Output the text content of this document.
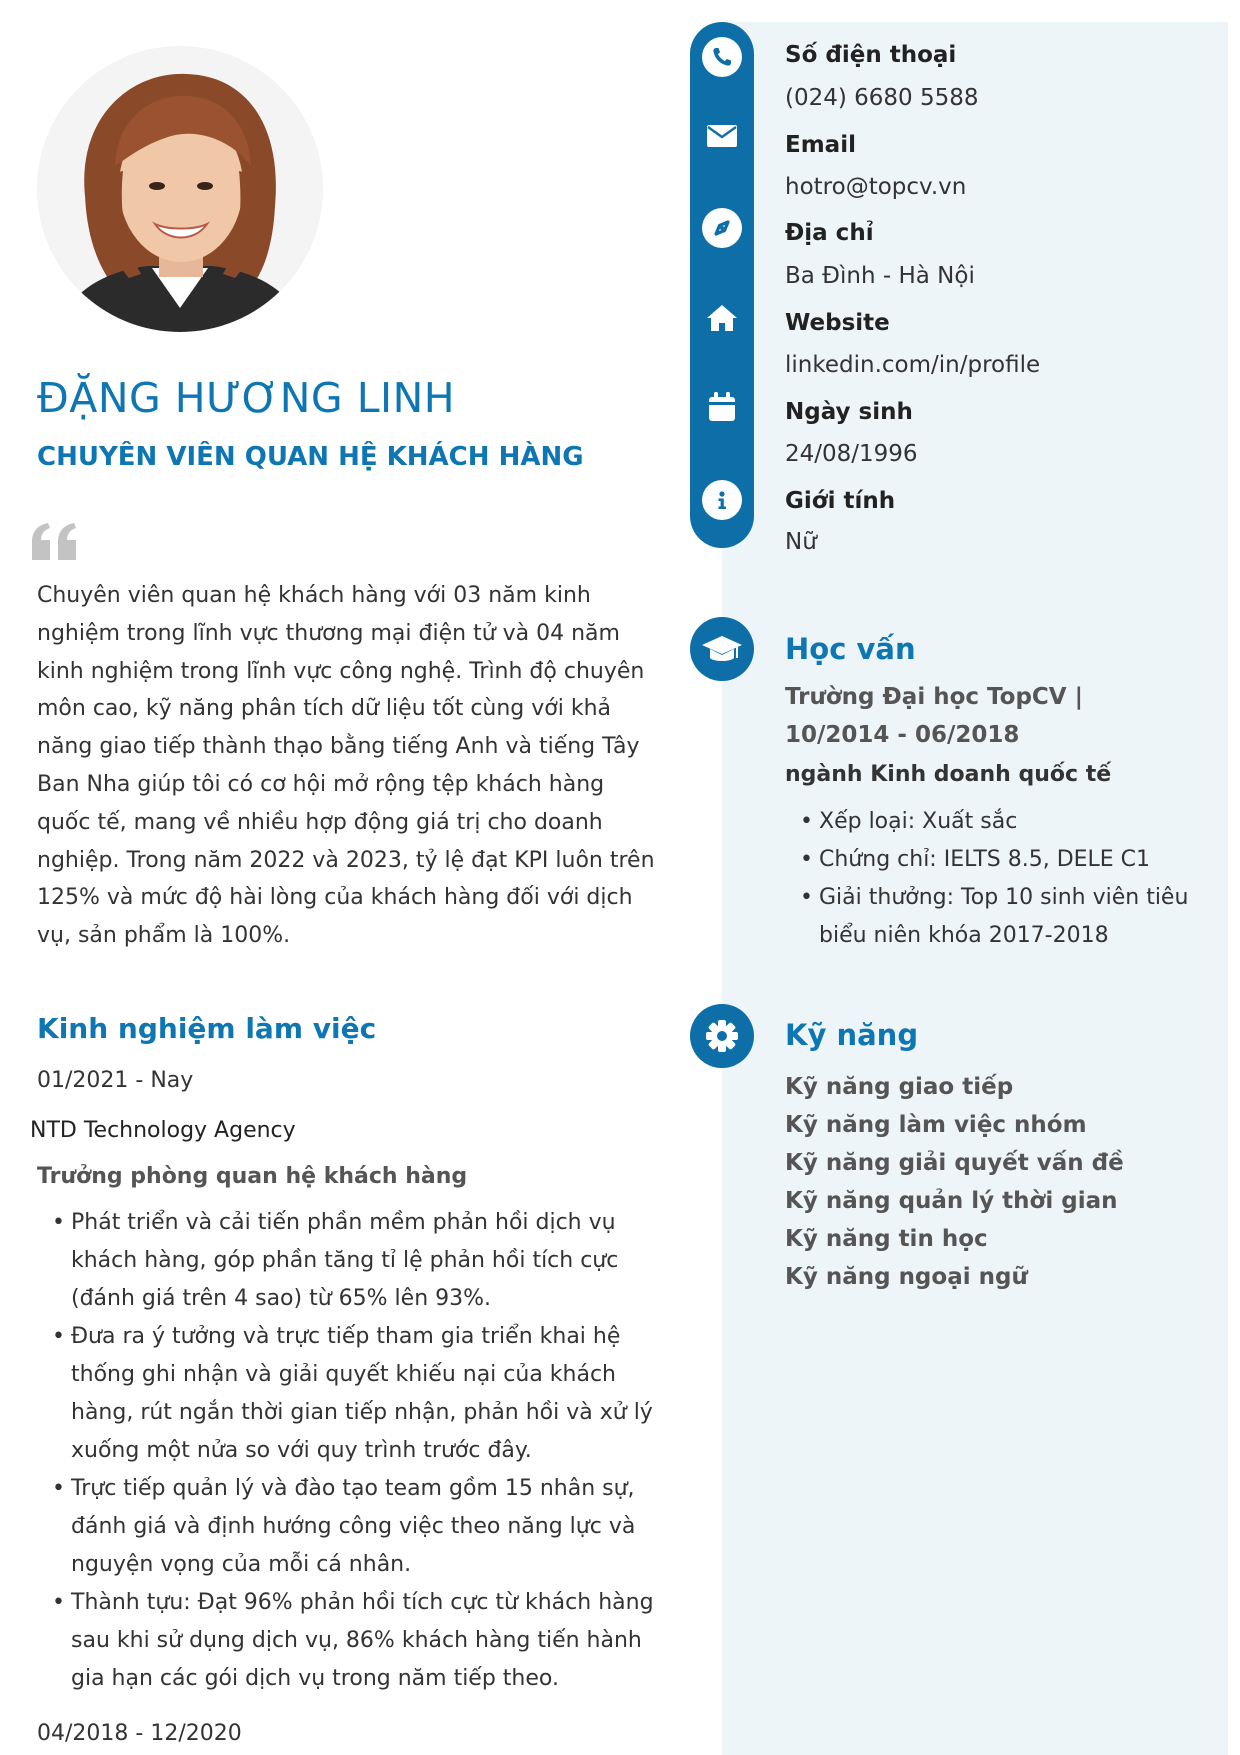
Số điện thoại
(024) 6680 5588
Email
hotro@topcv.vn
Địa chỉ
Ba Đình - Hà Nội
Website
linkedin.com/in/profile
Ngày sinh
24/08/1996
Giới tính
Nữ
Học vấn
Trường Đại học TopCV | 10/2014 - 06/2018
ngành Kinh doanh quốc tế
• Xếp loại: Xuất sắc
• Chứng chỉ: IELTS 8.5, DELE C1
• Giải thưởng: Top 10 sinh viên tiêu biểu niên khóa 2017-2018
Kỹ năng
Kỹ năng giao tiếp
Kỹ năng làm việc nhóm
Kỹ năng giải quyết vấn đề
Kỹ năng quản lý thời gian
Kỹ năng tin học
Kỹ năng ngoại ngữ
ĐẶNG HƯƠNG LINH
CHUYÊN VIÊN QUAN HỆ KHÁCH HÀNG
Chuyên viên quan hệ khách hàng với 03 năm kinh nghiệm trong lĩnh vực thương mại điện tử và 04 năm kinh nghiệm trong lĩnh vực công nghệ. Trình độ chuyên môn cao, kỹ năng phân tích dữ liệu tốt cùng với khả năng giao tiếp thành thạo bằng tiếng Anh và tiếng Tây Ban Nha giúp tôi có cơ hội mở rộng tệp khách hàng quốc tế, mang về nhiều hợp động giá trị cho doanh nghiệp. Trong năm 2022 và 2023, tỷ lệ đạt KPI luôn trên 125% và mức độ hài lòng của khách hàng đối với dịch vụ, sản phẩm là 100%.
Kinh nghiệm làm việc
01/2021 - Nay
NTD Technology Agency
Trưởng phòng quan hệ khách hàng
• Phát triển và cải tiến phần mềm phản hồi dịch vụ khách hàng, góp phần tăng tỉ lệ phản hồi tích cực (đánh giá trên 4 sao) từ 65% lên 93%.
• Đưa ra ý tưởng và trực tiếp tham gia triển khai hệ thống ghi nhận và giải quyết khiếu nại của khách hàng, rút ngắn thời gian tiếp nhận, phản hồi và xử lý xuống một nửa so với quy trình trước đây.
• Trực tiếp quản lý và đào tạo team gồm 15 nhân sự, đánh giá và định hướng công việc theo năng lực và nguyện vọng của mỗi cá nhân.
• Thành tựu: Đạt 96% phản hồi tích cực từ khách hàng sau khi sử dụng dịch vụ, 86% khách hàng tiến hành gia hạn các gói dịch vụ trong năm tiếp theo.
04/2018 - 12/2020
